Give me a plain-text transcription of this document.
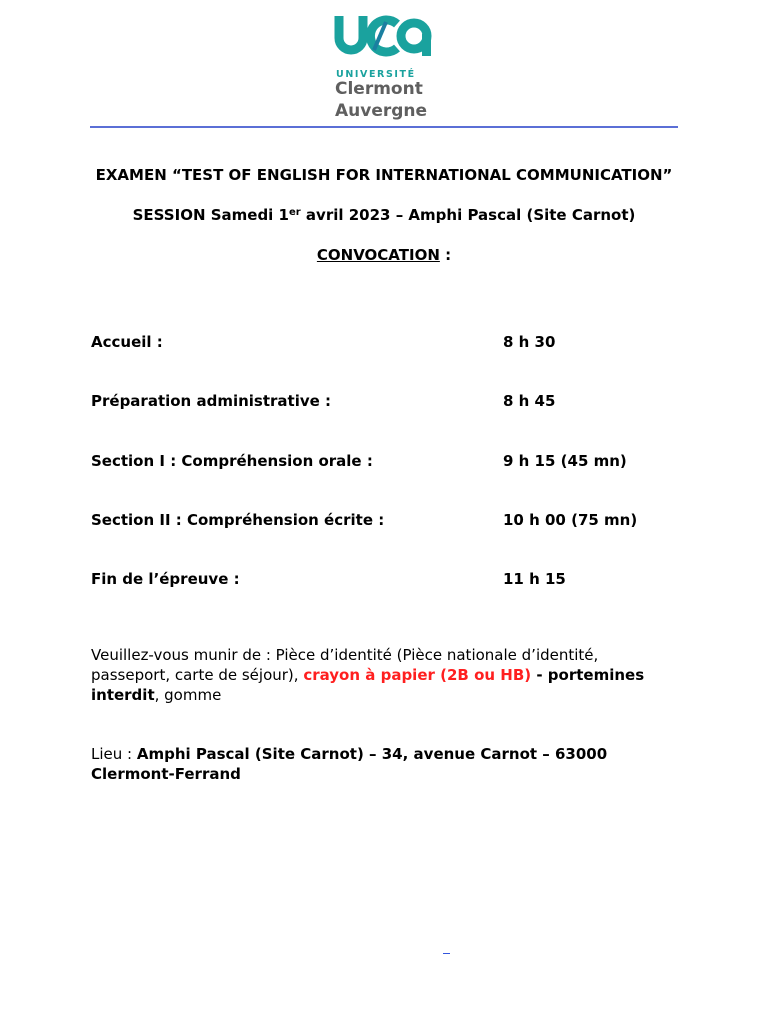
UNIVERSITÉ
Clermont
Auvergne
EXAMEN “TEST OF ENGLISH FOR INTERNATIONAL COMMUNICATION”
SESSION Samedi 1er avril 2023 – Amphi Pascal (Site Carnot)
CONVOCATION :
Accueil :	8 h 30
Préparation administrative :	8 h 45
Section I : Compréhension orale :	9 h 15 (45 mn)
Section II : Compréhension écrite :	10 h 00 (75 mn)
Fin de l’épreuve :	11 h 15
Veuillez-vous munir de : Pièce d’identité (Pièce nationale d’identité, passeport, carte de séjour), crayon à papier (2B ou HB) - portemines interdit, gomme
Lieu : Amphi Pascal (Site Carnot) – 34, avenue Carnot – 63000 Clermont-Ferrand
